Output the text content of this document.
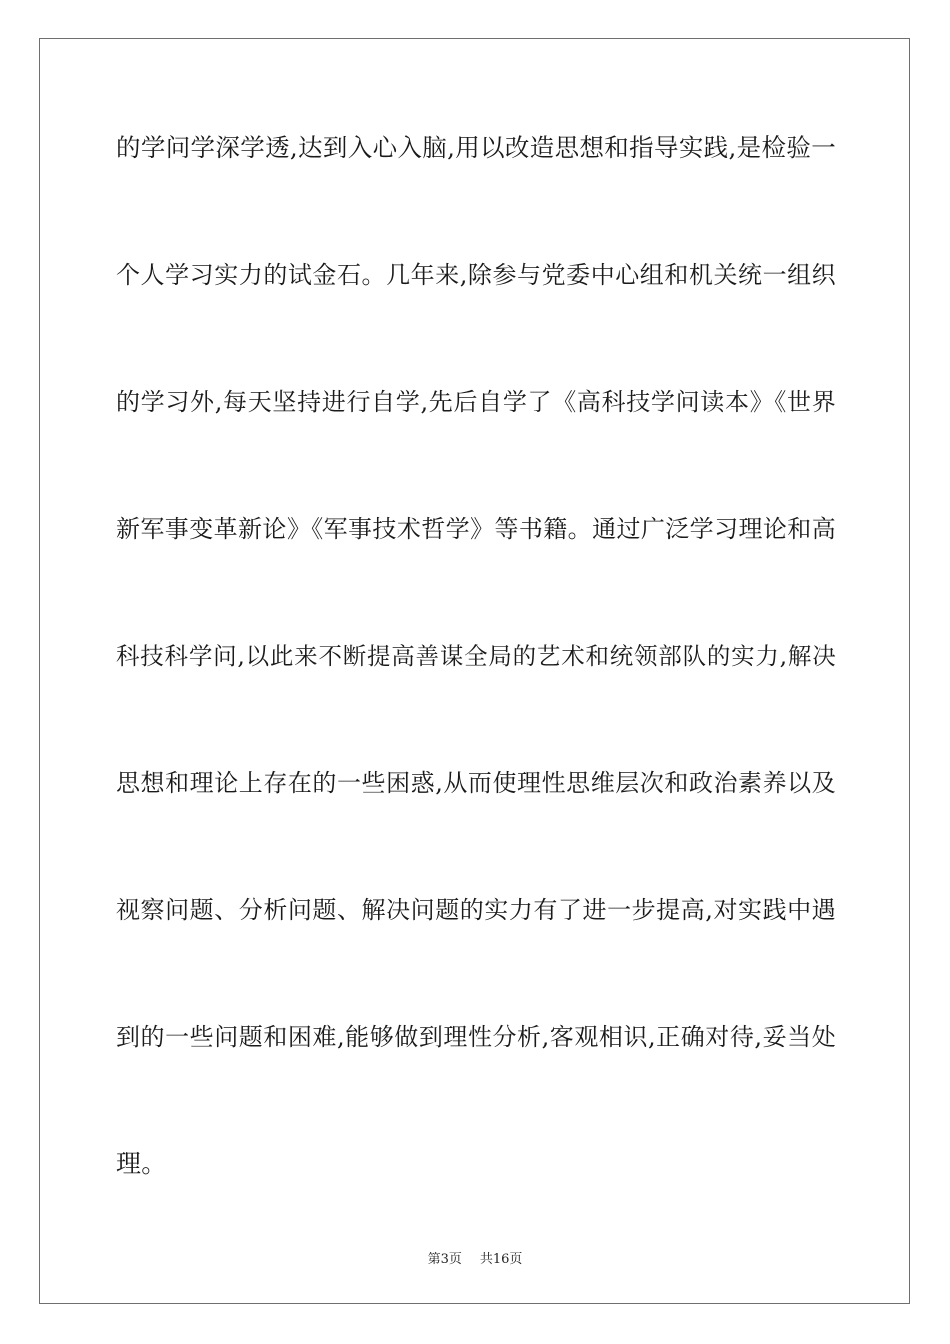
的学问学深学透,达到入心入脑,用以改造思想和指导实践,是检验一
个人学习实力的试金石。几年来,除参与党委中心组和机关统一组织
的学习外,每天坚持进行自学,先后自学了《高科技学问读本》《世界
新军事变革新论》《军事技术哲学》等书籍。通过广泛学习理论和高
科技科学问,以此来不断提高善谋全局的艺术和统领部队的实力,解决
思想和理论上存在的一些困惑,从而使理性思维层次和政治素养以及
视察问题、分析问题、解决问题的实力有了进一步提高,对实践中遇
到的一些问题和困难,能够做到理性分析,客观相识,正确对待,妥当处
理。
第3页 共16页
